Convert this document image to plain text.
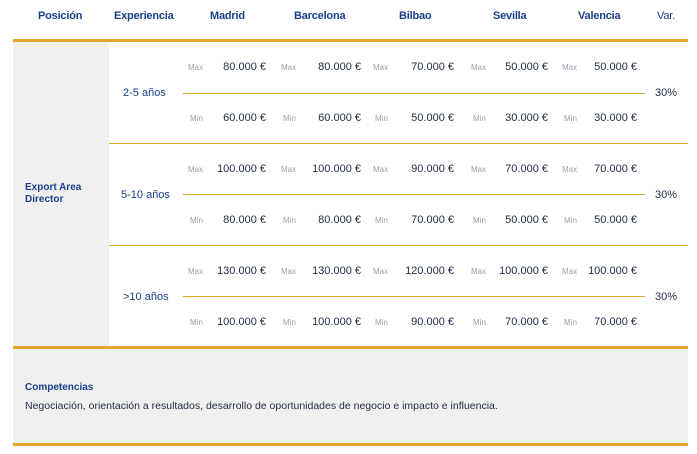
Posición	Experiencia	Madrid	Barcelona	Bilbao	Sevilla	Valencia	Var.
Export Area Director
2-5 años	30%
Max	80.000 € Max	80.000 € Max	70.000 € Max	50.000 € Max	50.000 €
Min	60.000 € Min	60.000 € Min	50.000 € Min	30.000 € Min	30.000 €
5-10 años	30%
Max	100.000 € Max	100.000 € Max	90.000 € Max	70.000 € Max	70.000 €
Min	80.000 € Min	80.000 € Min	70.000 € Min	50.000 € Min	50.000 €
>10 años	30%
Max	130.000 € Max	130.000 € Max	120.000 € Max	100.000 € Max 100.000 €
Min	100.000 € Min	100.000 € Min	90.000 € Min	70.000 € Min	70.000 €
Competencias
Negociación, orientación a resultados, desarrollo de oportunidades de negocio e impacto e influencia.
